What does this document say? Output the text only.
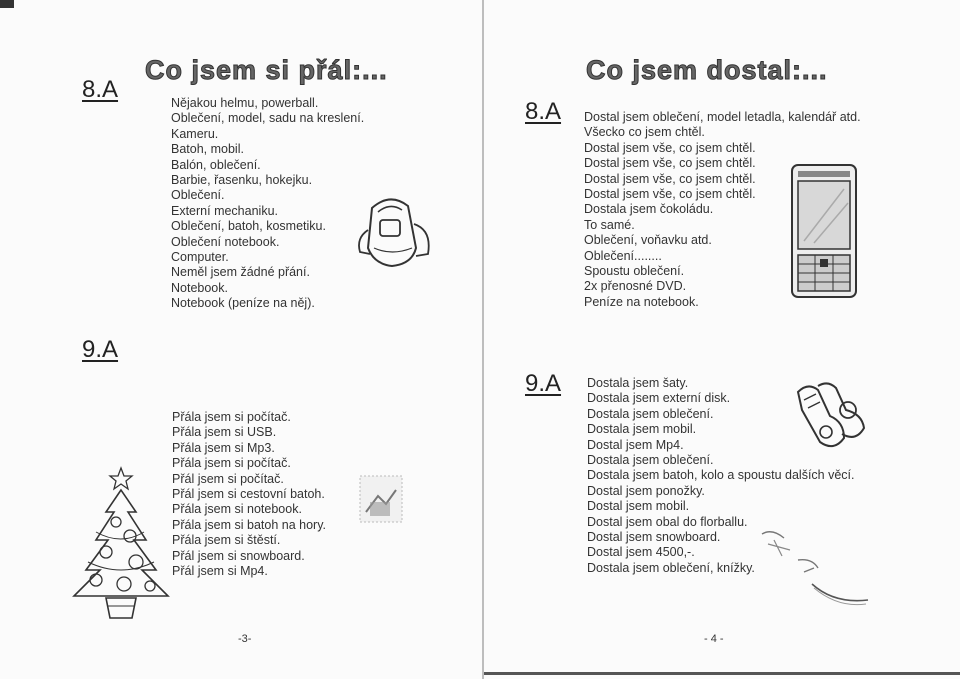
8.A
Co jsem si přál:...
Nějakou helmu, powerball.
Oblečení, model, sadu na kreslení.
Kameru.
Batoh, mobil.
Balón, oblečení.
Barbie, řasenku, hokejku.
Oblečení.
Externí mechaniku.
Oblečení, batoh, kosmetiku.
Oblečení notebook.
Computer.
Neměl jsem žádné přání.
Notebook.
Notebook (peníze na něj).
9.A
Přála jsem si počítač.
Přála jsem si USB.
Přála jsem si Mp3.
Přála jsem si počítač.
Přál jsem si počítač.
Přál jsem si cestovní batoh.
Přála jsem si notebook.
Přála jsem si batoh na hory.
Přála jsem si štěstí.
Přál jsem si snowboard.
Přál jsem si Mp4.
-3-
Co jsem dostal:...
8.A Dostal jsem oblečení, model letadla, kalendář atd.
Všecko co jsem chtěl.
Dostal jsem vše, co jsem chtěl.
Dostal jsem vše, co jsem chtěl.
Dostal jsem vše, co jsem chtěl.
Dostal jsem vše, co jsem chtěl.
Dostala jsem čokoládu.
To samé.
Oblečení, voňavku atd.
Oblečení........
Spoustu oblečení.
2x přenosné DVD.
Peníze na notebook.
9.A Dostala jsem šaty.
Dostala jsem externí disk.
Dostala jsem oblečení.
Dostala jsem mobil.
Dostal jsem Mp4.
Dostala jsem oblečení.
Dostala jsem batoh, kolo a spoustu dalších věcí.
Dostal jsem ponožky.
Dostal jsem mobil.
Dostal jsem obal do florballu.
Dostal jsem snowboard.
Dostal jsem 4500,-.
Dostala jsem oblečení, knížky.
- 4 -
